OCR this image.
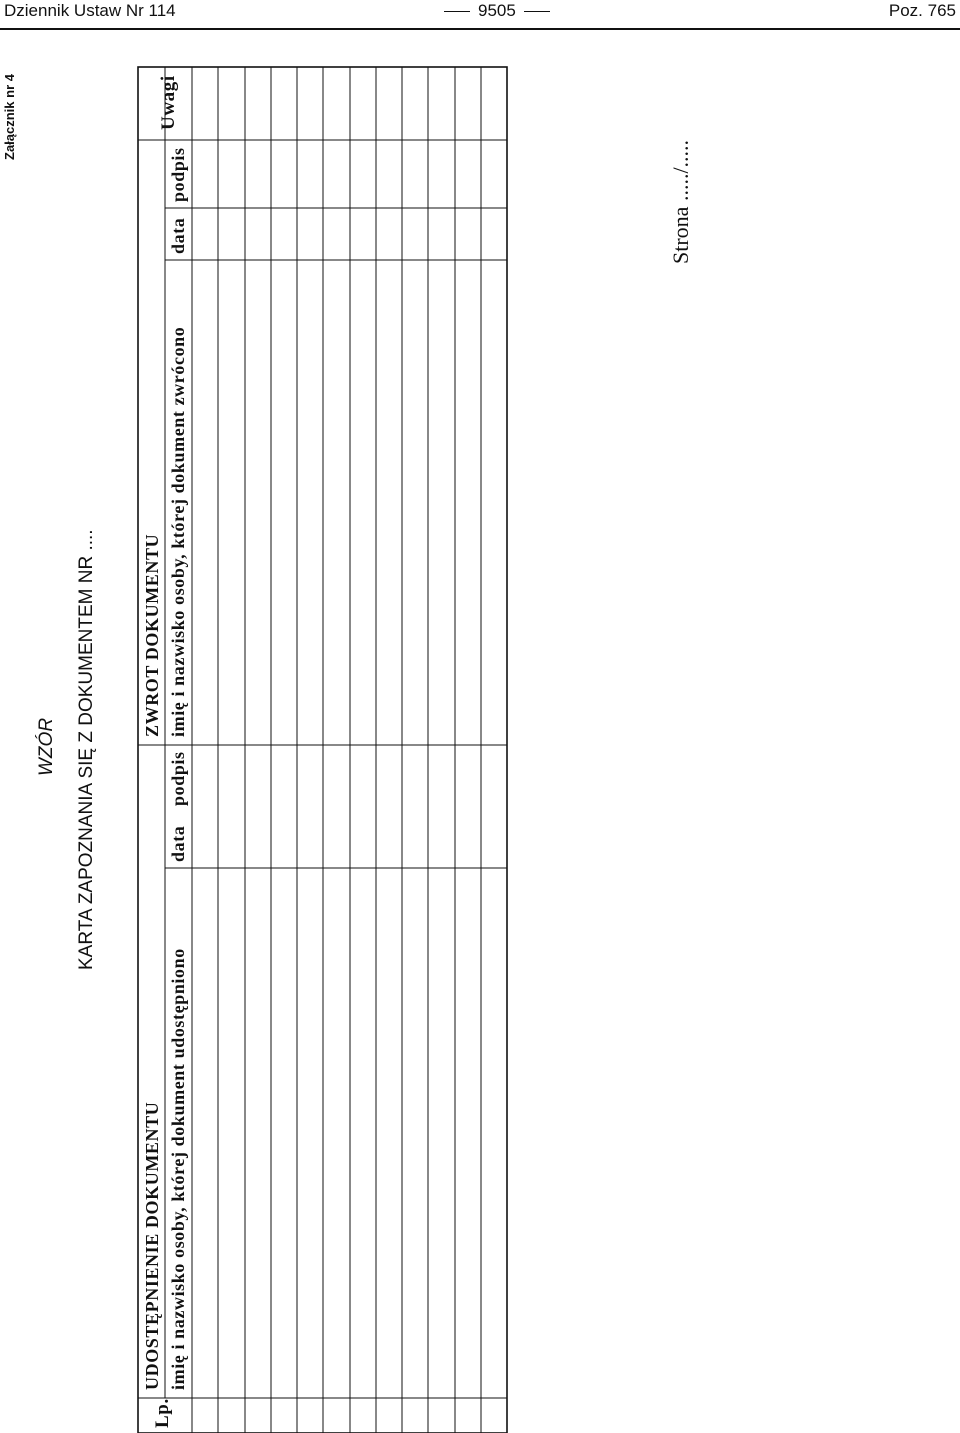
Dziennik Ustaw Nr 114	9505	Poz. 765
Załącznik nr 4
WZÓR KARTA ZAPOZNANIA SIĘ Z DOKUMENTEM NR ....
Lp.
UDOSTĘPNIENIE DOKUMENTU imię i nazwisko osoby, której dokument udostępniono
data
podpis
ZWROT DOKUMENTU imię i nazwisko osoby, której dokument zwrócono
data
podpis
Uwagi
Strona ...../.....
